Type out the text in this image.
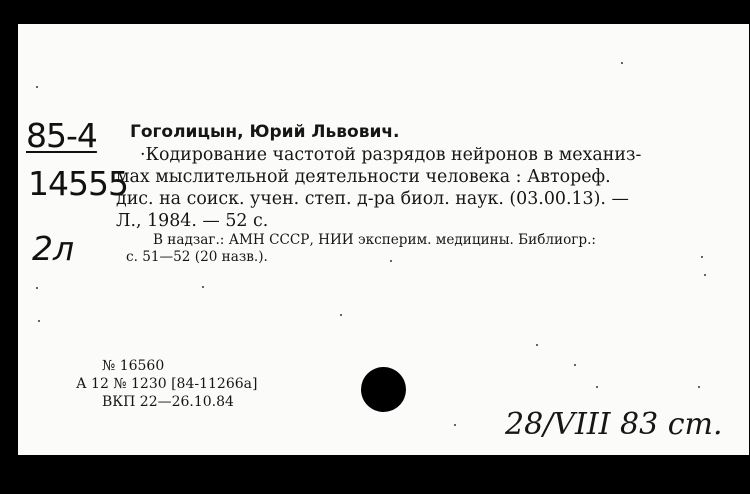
85-4
14555
2л
Гоголицын, Юрий Львович.
·Кодирование частотой разрядов нейронов в механиз-
мах мыслительной деятельности человека : Автореф.
дис. на соиск. учен. степ. д-ра биол. наук. (03.00.13). —
Л., 1984. — 52 с.
В надзаг.: АМН СССР, НИИ эксперим. медицины. Библиогр.:
с. 51—52 (20 назв.).
№ 16560
А 12 № 1230 [84-11266а]
ВКП 22—26.10.84
28/VIII 83 ст.
